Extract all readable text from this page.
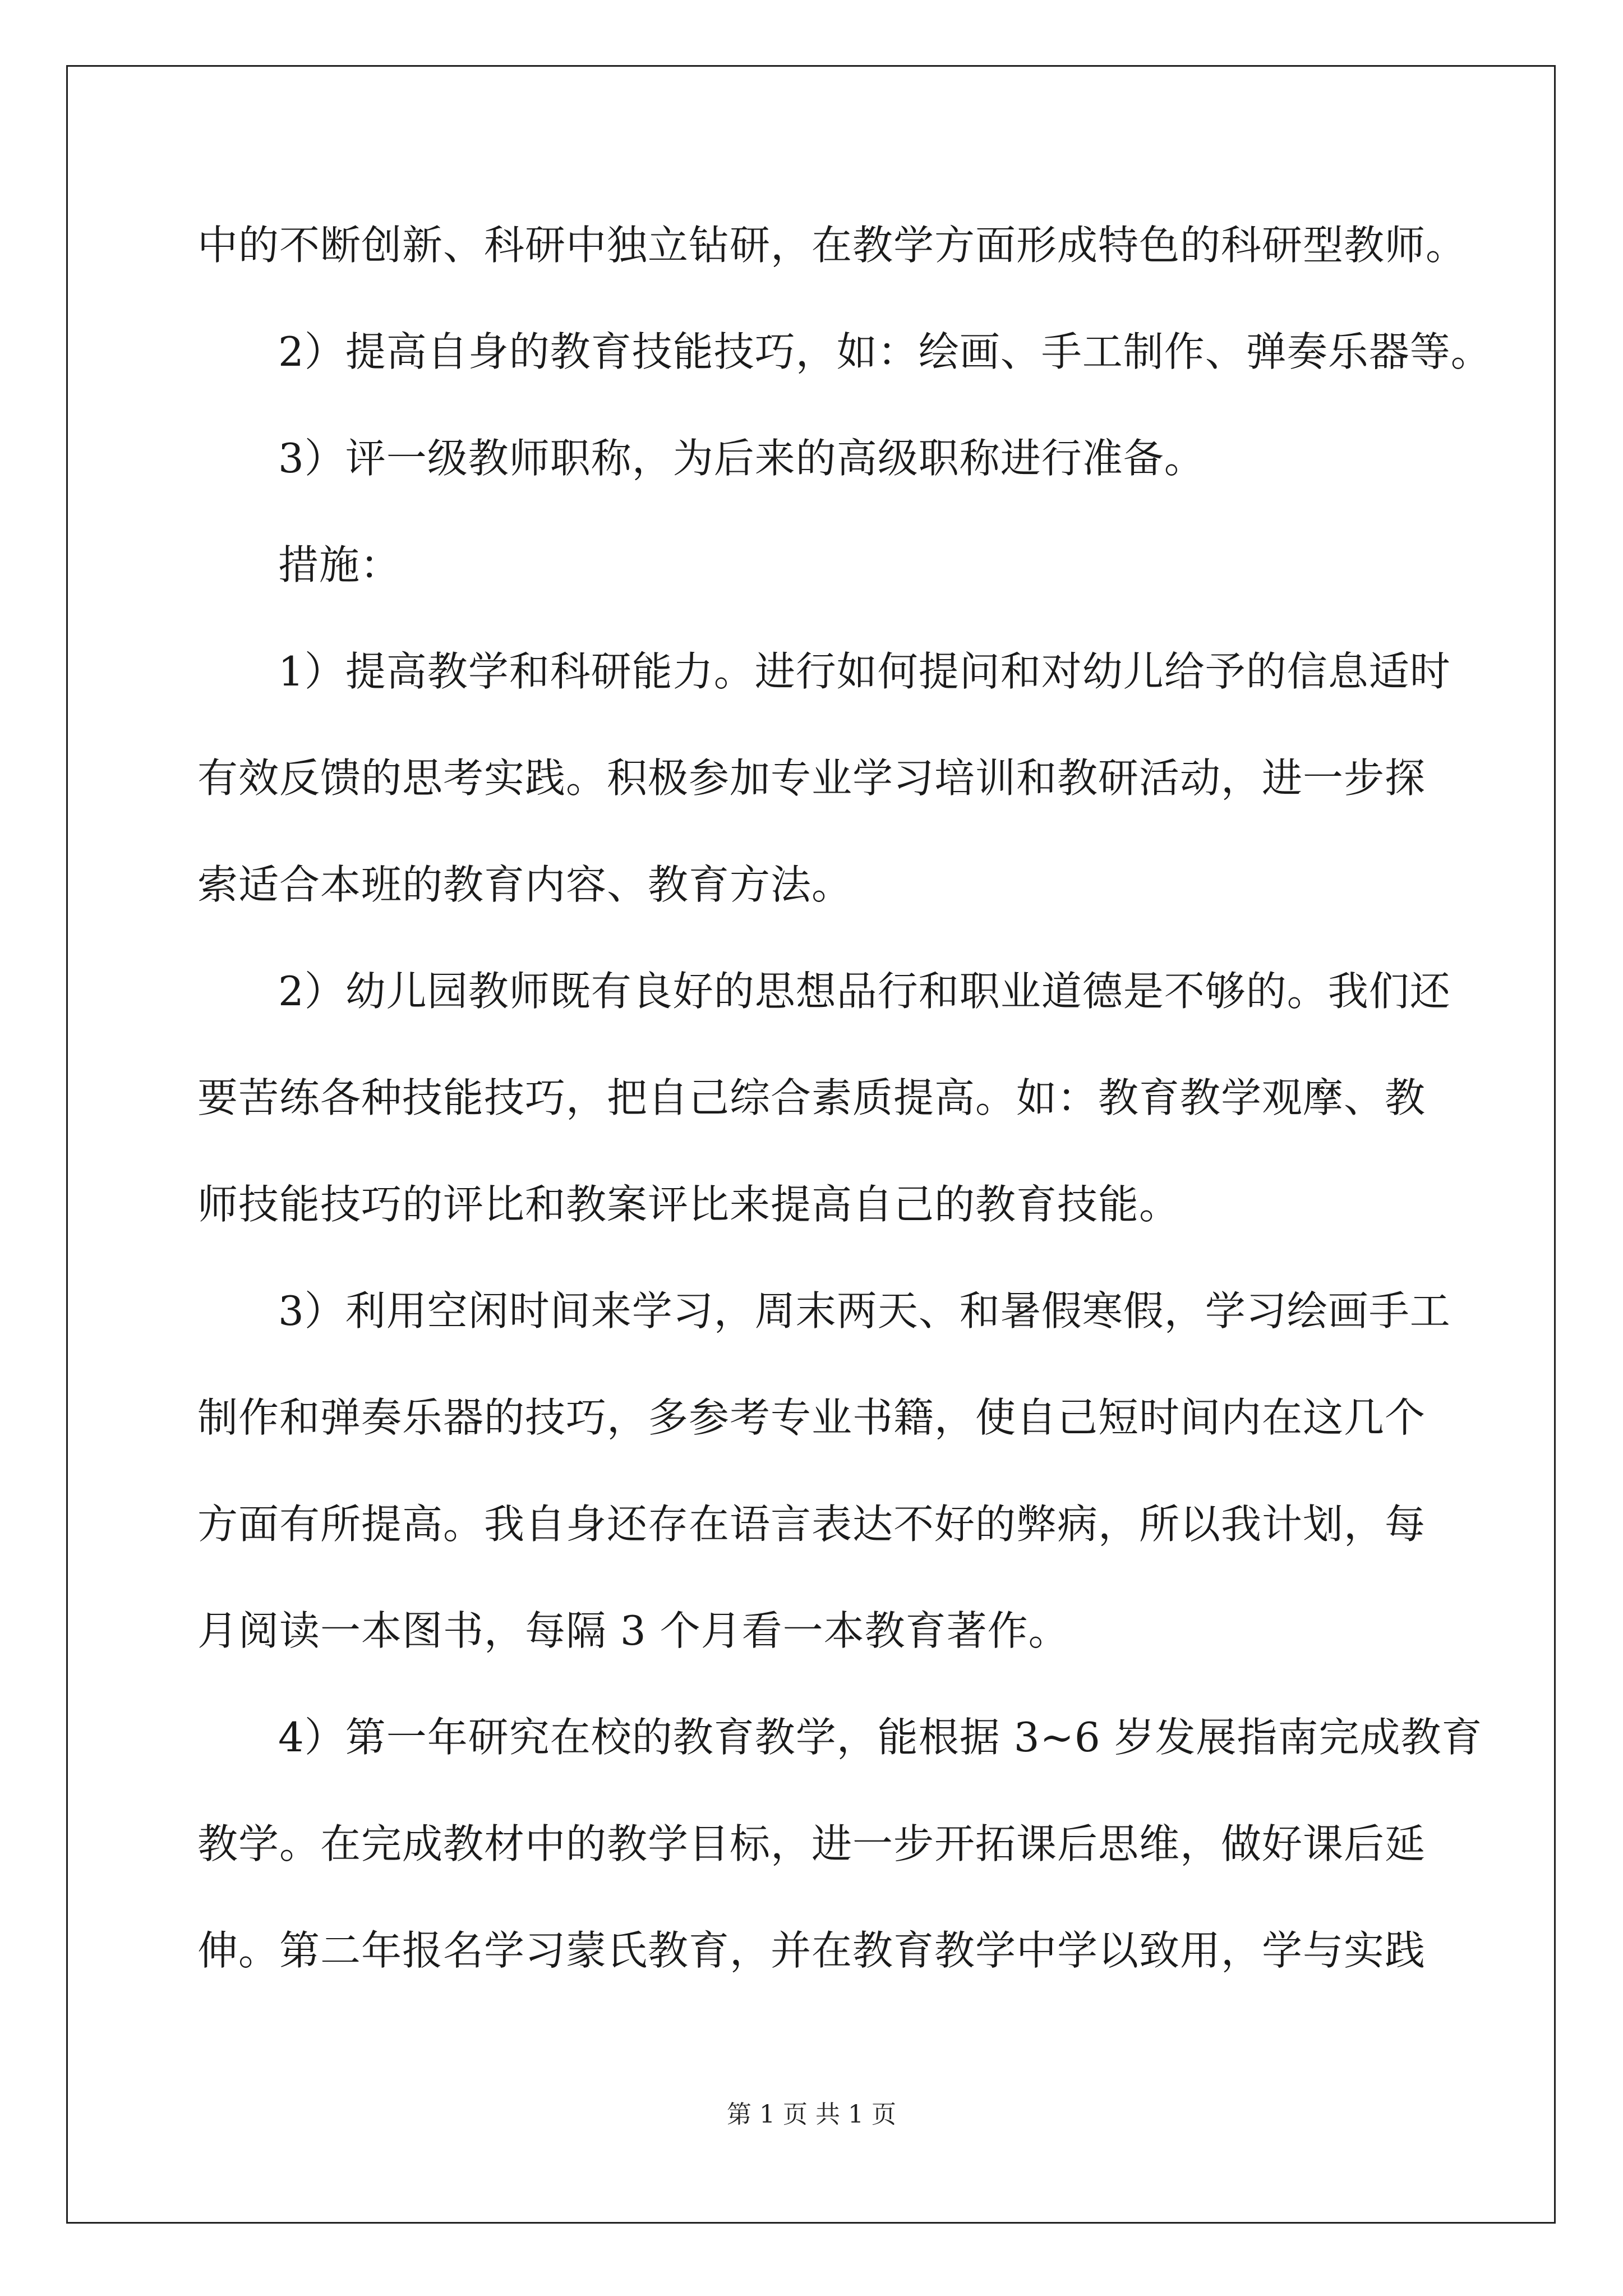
中的不断创新、科研中独立钻研，在教学方面形成特色的科研型教师。
2）提高自身的教育技能技巧，如：绘画、手工制作、弹奏乐器等。
3）评一级教师职称，为后来的高级职称进行准备。
措施：
1）提高教学和科研能力。进行如何提问和对幼儿给予的信息适时
有效反馈的思考实践。积极参加专业学习培训和教研活动，进一步探
索适合本班的教育内容、教育方法。
2）幼儿园教师既有良好的思想品行和职业道德是不够的。我们还
要苦练各种技能技巧，把自己综合素质提高。如：教育教学观摩、教
师技能技巧的评比和教案评比来提高自己的教育技能。
3）利用空闲时间来学习，周末两天、和暑假寒假，学习绘画手工
制作和弹奏乐器的技巧，多参考专业书籍，使自己短时间内在这几个
方面有所提高。我自身还存在语言表达不好的弊病，所以我计划，每
月阅读一本图书，每隔 3 个月看一本教育著作。
4）第一年研究在校的教育教学，能根据 3~6 岁发展指南完成教育
教学。在完成教材中的教学目标，进一步开拓课后思维，做好课后延
伸。第二年报名学习蒙氏教育，并在教育教学中学以致用，学与实践
第 1 页 共 1 页
